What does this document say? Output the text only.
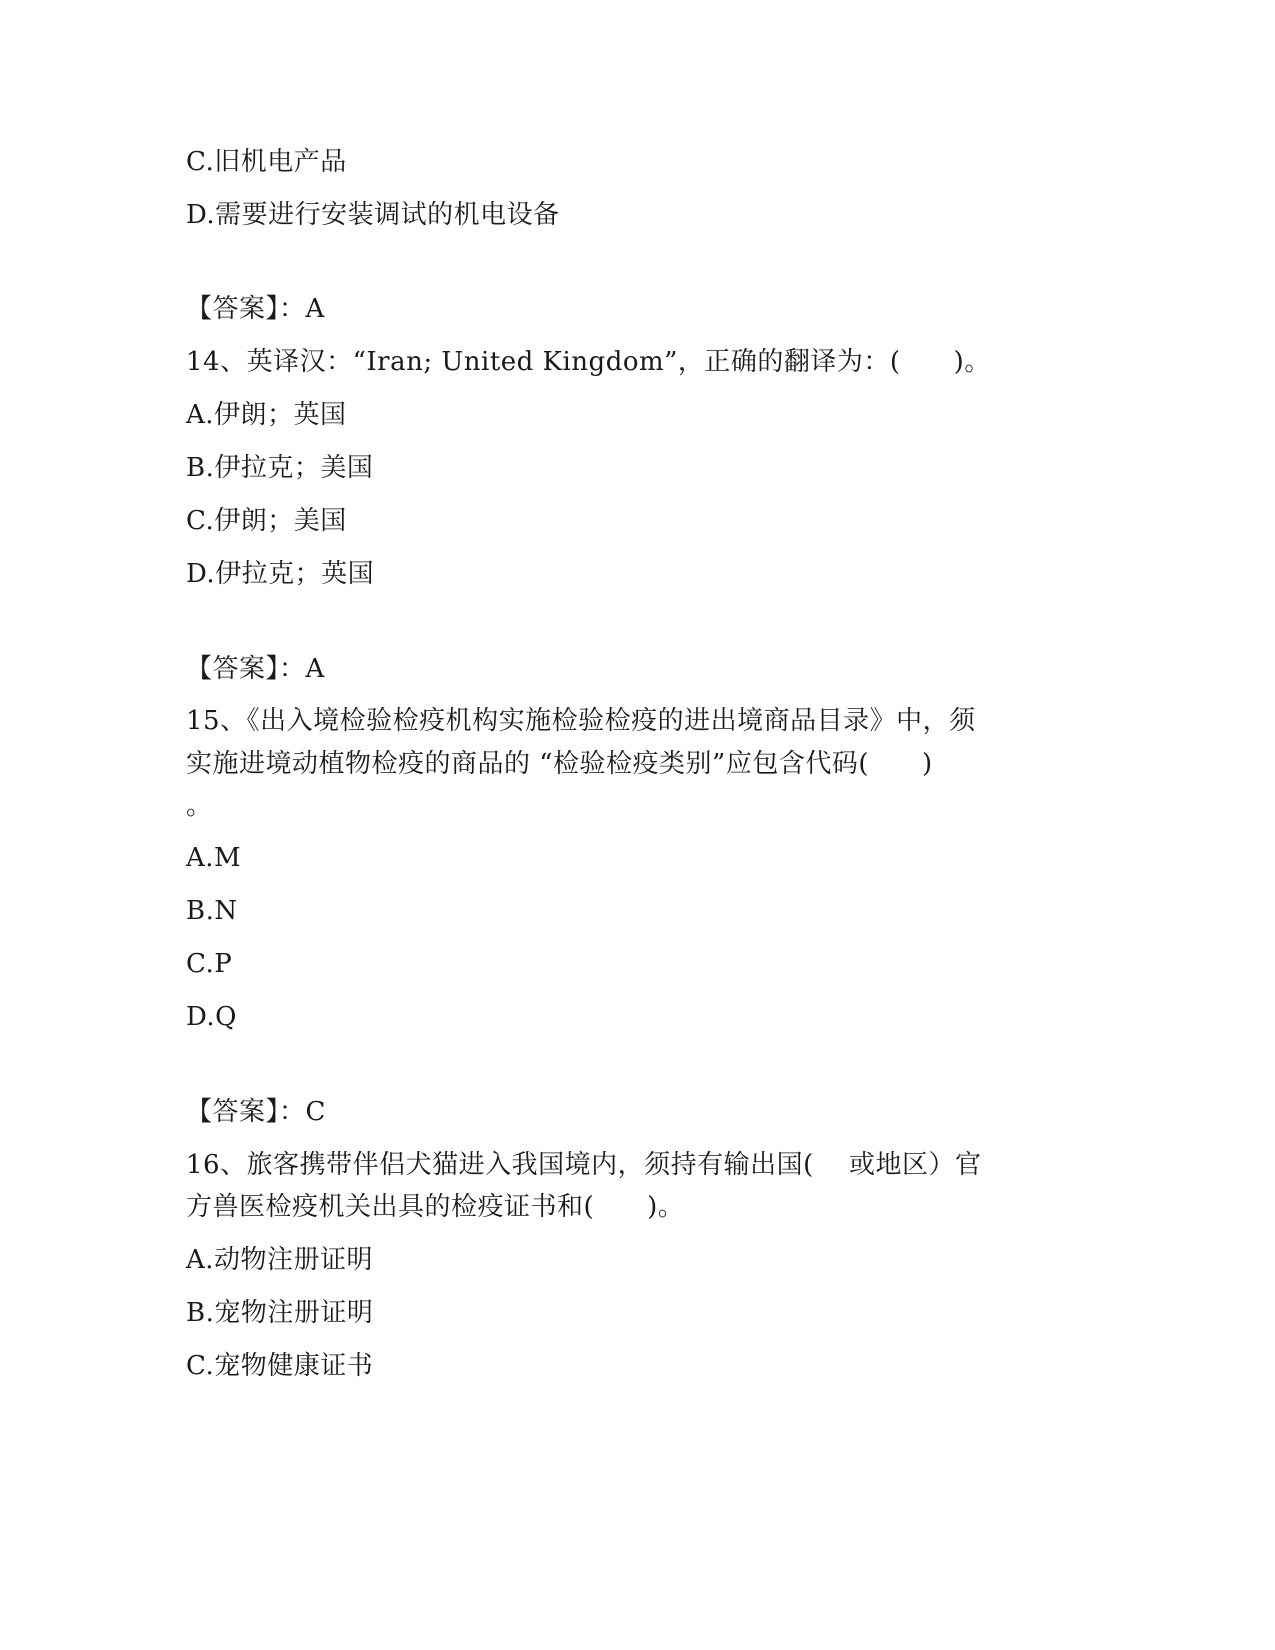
C.旧机电产品
D.需要进行安装调试的机电设备
【答案】：A
14、英译汉：“Iran; United Kingdom”，正确的翻译为：(　　)。
A.伊朗；英国
B.伊拉克；美国
C.伊朗；美国
D.伊拉克；英国
【答案】：A
15、《出入境检验检疫机构实施检验检疫的进出境商品目录》中，须
实施进境动植物检疫的商品的 “检验检疫类别”应包含代码(　　)
。
A.M
B.N
C.P
D.Q
【答案】：C
16、旅客携带伴侣犬猫进入我国境内，须持有输出国(　 或地区）官
方兽医检疫机关出具的检疫证书和(　　)。
A.动物注册证明
B.宠物注册证明
C.宠物健康证书
